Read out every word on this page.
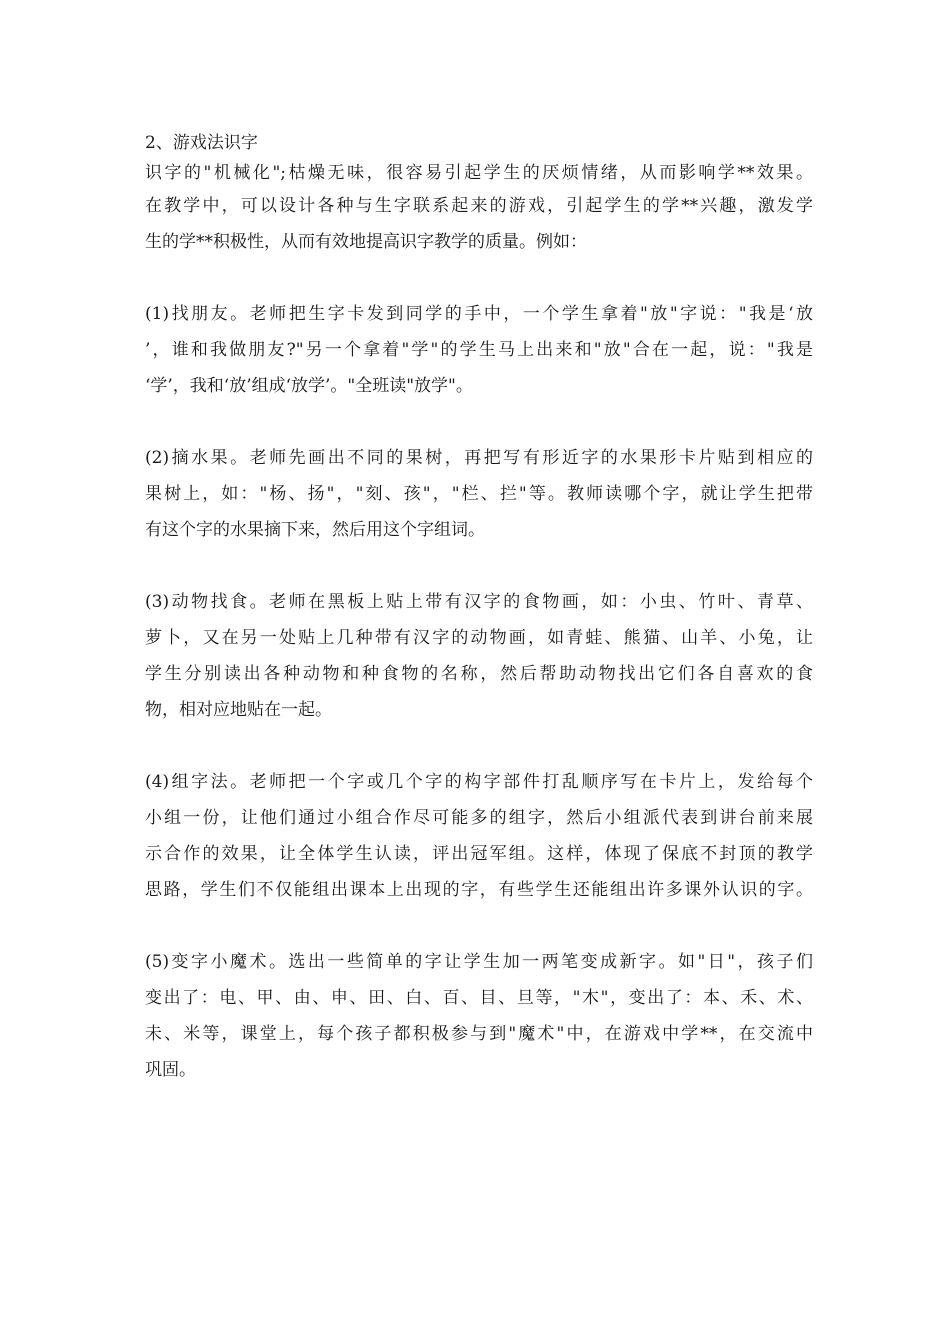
2、游戏法识字
识字的"机械化";枯燥无味，很容易引起学生的厌烦情绪，从而影响学**效果。
在教学中，可以设计各种与生字联系起来的游戏，引起学生的学**兴趣，激发学
生的学**积极性，从而有效地提高识字教学的质量。例如：
(1)找朋友。老师把生字卡发到同学的手中，一个学生拿着"放"字说："我是‘放
’，谁和我做朋友?"另一个拿着"学"的学生马上出来和"放"合在一起，说："我是
‘学’，我和‘放’组成‘放学’。"全班读"放学"。
(2)摘水果。老师先画出不同的果树，再把写有形近字的水果形卡片贴到相应的
果树上，如："杨、扬"，"刻、孩"，"栏、拦"等。教师读哪个字，就让学生把带
有这个字的水果摘下来，然后用这个字组词。
(3)动物找食。老师在黑板上贴上带有汉字的食物画，如：小虫、竹叶、青草、
萝卜，又在另一处贴上几种带有汉字的动物画，如青蛙、熊猫、山羊、小兔，让
学生分别读出各种动物和种食物的名称，然后帮助动物找出它们各自喜欢的食
物，相对应地贴在一起。
(4)组字法。老师把一个字或几个字的构字部件打乱顺序写在卡片上，发给每个
小组一份，让他们通过小组合作尽可能多的组字，然后小组派代表到讲台前来展
示合作的效果，让全体学生认读，评出冠军组。这样，体现了保底不封顶的教学
思路，学生们不仅能组出课本上出现的字，有些学生还能组出许多课外认识的字。
(5)变字小魔术。选出一些简单的字让学生加一两笔变成新字。如"日"，孩子们
变出了：电、甲、由、申、田、白、百、目、旦等，"木"，变出了：本、禾、术、
未、米等，课堂上，每个孩子都积极参与到"魔术"中，在游戏中学**，在交流中
巩固。
